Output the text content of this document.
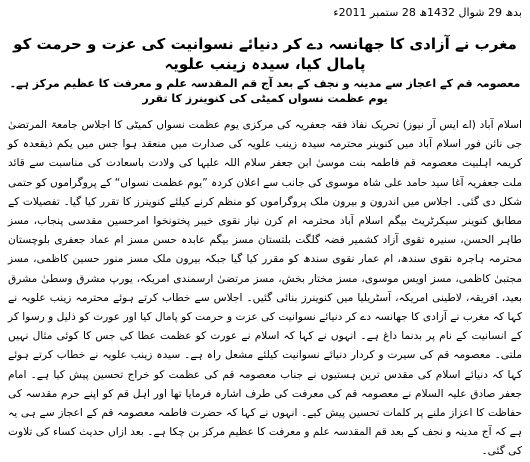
بدھ 29 شوال 1432ھ 28 ستمبر 2011ء
مغرب نے آزادی کا جھانسہ دے کر دنیائے نسوانیت کی عزت و حرمت کو پامال کیا، سیدہ زینب علویہ
معصومہ قم کے اعجاز سے مدینہ و نجف کے بعد آج قم المقدسہ علم و معرفت کا عظیم مرکز ہے۔ یوم عظمت نسواں کمیٹی کی کنوینرز کا تقرر

اسلام آباد (اے ایس آر نیوز) تحریک نفاذ فقہ جعفریہ کی مرکزی یوم عظمت نسواں کمیٹی کا اجلاس جامعۃ المرتضیٰ جی نائن فور اسلام آباد میں کنوینر محترمہ سیدہ زینب علویہ کی صدارت میں منعقد ہوا جس میں یکم ذیقعدہ کو کریمہ اہلبیت معصومہ قم فاطمہ بنت موسیٰ ابن جعفر سلام اللہ علیہا کی ولادت باسعادت کی مناسبت سے قائد ملت جعفریہ آغا سید حامد علی شاہ موسوی کی جانب سے اعلان کردہ ”یوم عظمت نسواں“ کے پروگراموں کو حتمی شکل دی گئی۔ اجلاس میں اندرون و بیرون ملک پروگراموں کو منظم کرنے کیلئے کنوینرز کا تقرر کیا گیا۔ تفصیلات کے مطابق کنوینر سیکرٹریٹ بیگم اسلام آباد محترمہ ام کرن نیاز نقوی خیبر پختونخوا امرحسین مقدسی پنجاب، مسز طاہر الحسن، سنیرہ تقوی آزاد کشمیر فضہ گلگت بلتستان مسز بیگم عابدہ حسن مسز ام عماد جعفری بلوچستان محترمہ ہاجرہ نقوی سندھ، ام عمار نقوی سندھ کو مقرر کیا گیا جبکہ بیرون ملک مسز منور حسین کاظمی، مسز مجتبیٰ کاظمی، مسز اویس موسوی، مسز مختار بخش، مسز مرتضیٰ ارسمندی امریکہ، یورپ مشرق وسطیٰ مشرق بعید، افریقہ، لاطینی امریکہ، آسٹریلیا میں کنوینرز بنائی گئیں۔ اجلاس سے خطاب کرتے ہوئے محترمہ زینب علویہ نے کہا کہ مغرب نے آزادی کا جھانسہ دے کر دنیائے نسوانیت کی عزت و حرمت کو پامال کیا اور عورت کو ذلیل و رسوا کر کے انسانیت کے نام پر بدنما داغ ہے۔ انہوں نے کہا کہ اسلام نے عورت کو عظمت عطا کی جس کا کوئی مثال نہیں ملتی۔ معصومہ قم کی سیرت و کردار دنیائے نسوانیت کیلئے مشعل راہ ہے۔ سیدہ زینب علویہ نے خطاب کرتے ہوئے کہا کہ دنیائے اسلام کی مقدس ترین ہستیوں نے جناب معصومہ قم کی عظمت کو خراج تحسین پیش کیا ہے۔ امام جعفر صادق علیہ السلام نے معصومہ قم کی معرفت کی طرف اشارہ فرمایا تھا اور اہل قم کو اپنے حرم مقدسہ کی حفاظت کا اعزاز ملنے پر کلمات تحسین پیش کیے۔ انہوں نے کہا کہ حضرت فاطمہ معصومہ قم کے اعجاز سے ہی یہ ہے کہ آج مدینہ و نجف کے بعد قم المقدسہ علم و معرفت کا عظیم مرکز بن چکا ہے۔ بعد ازاں حدیث کساء کی تلاوت کی گئی۔
